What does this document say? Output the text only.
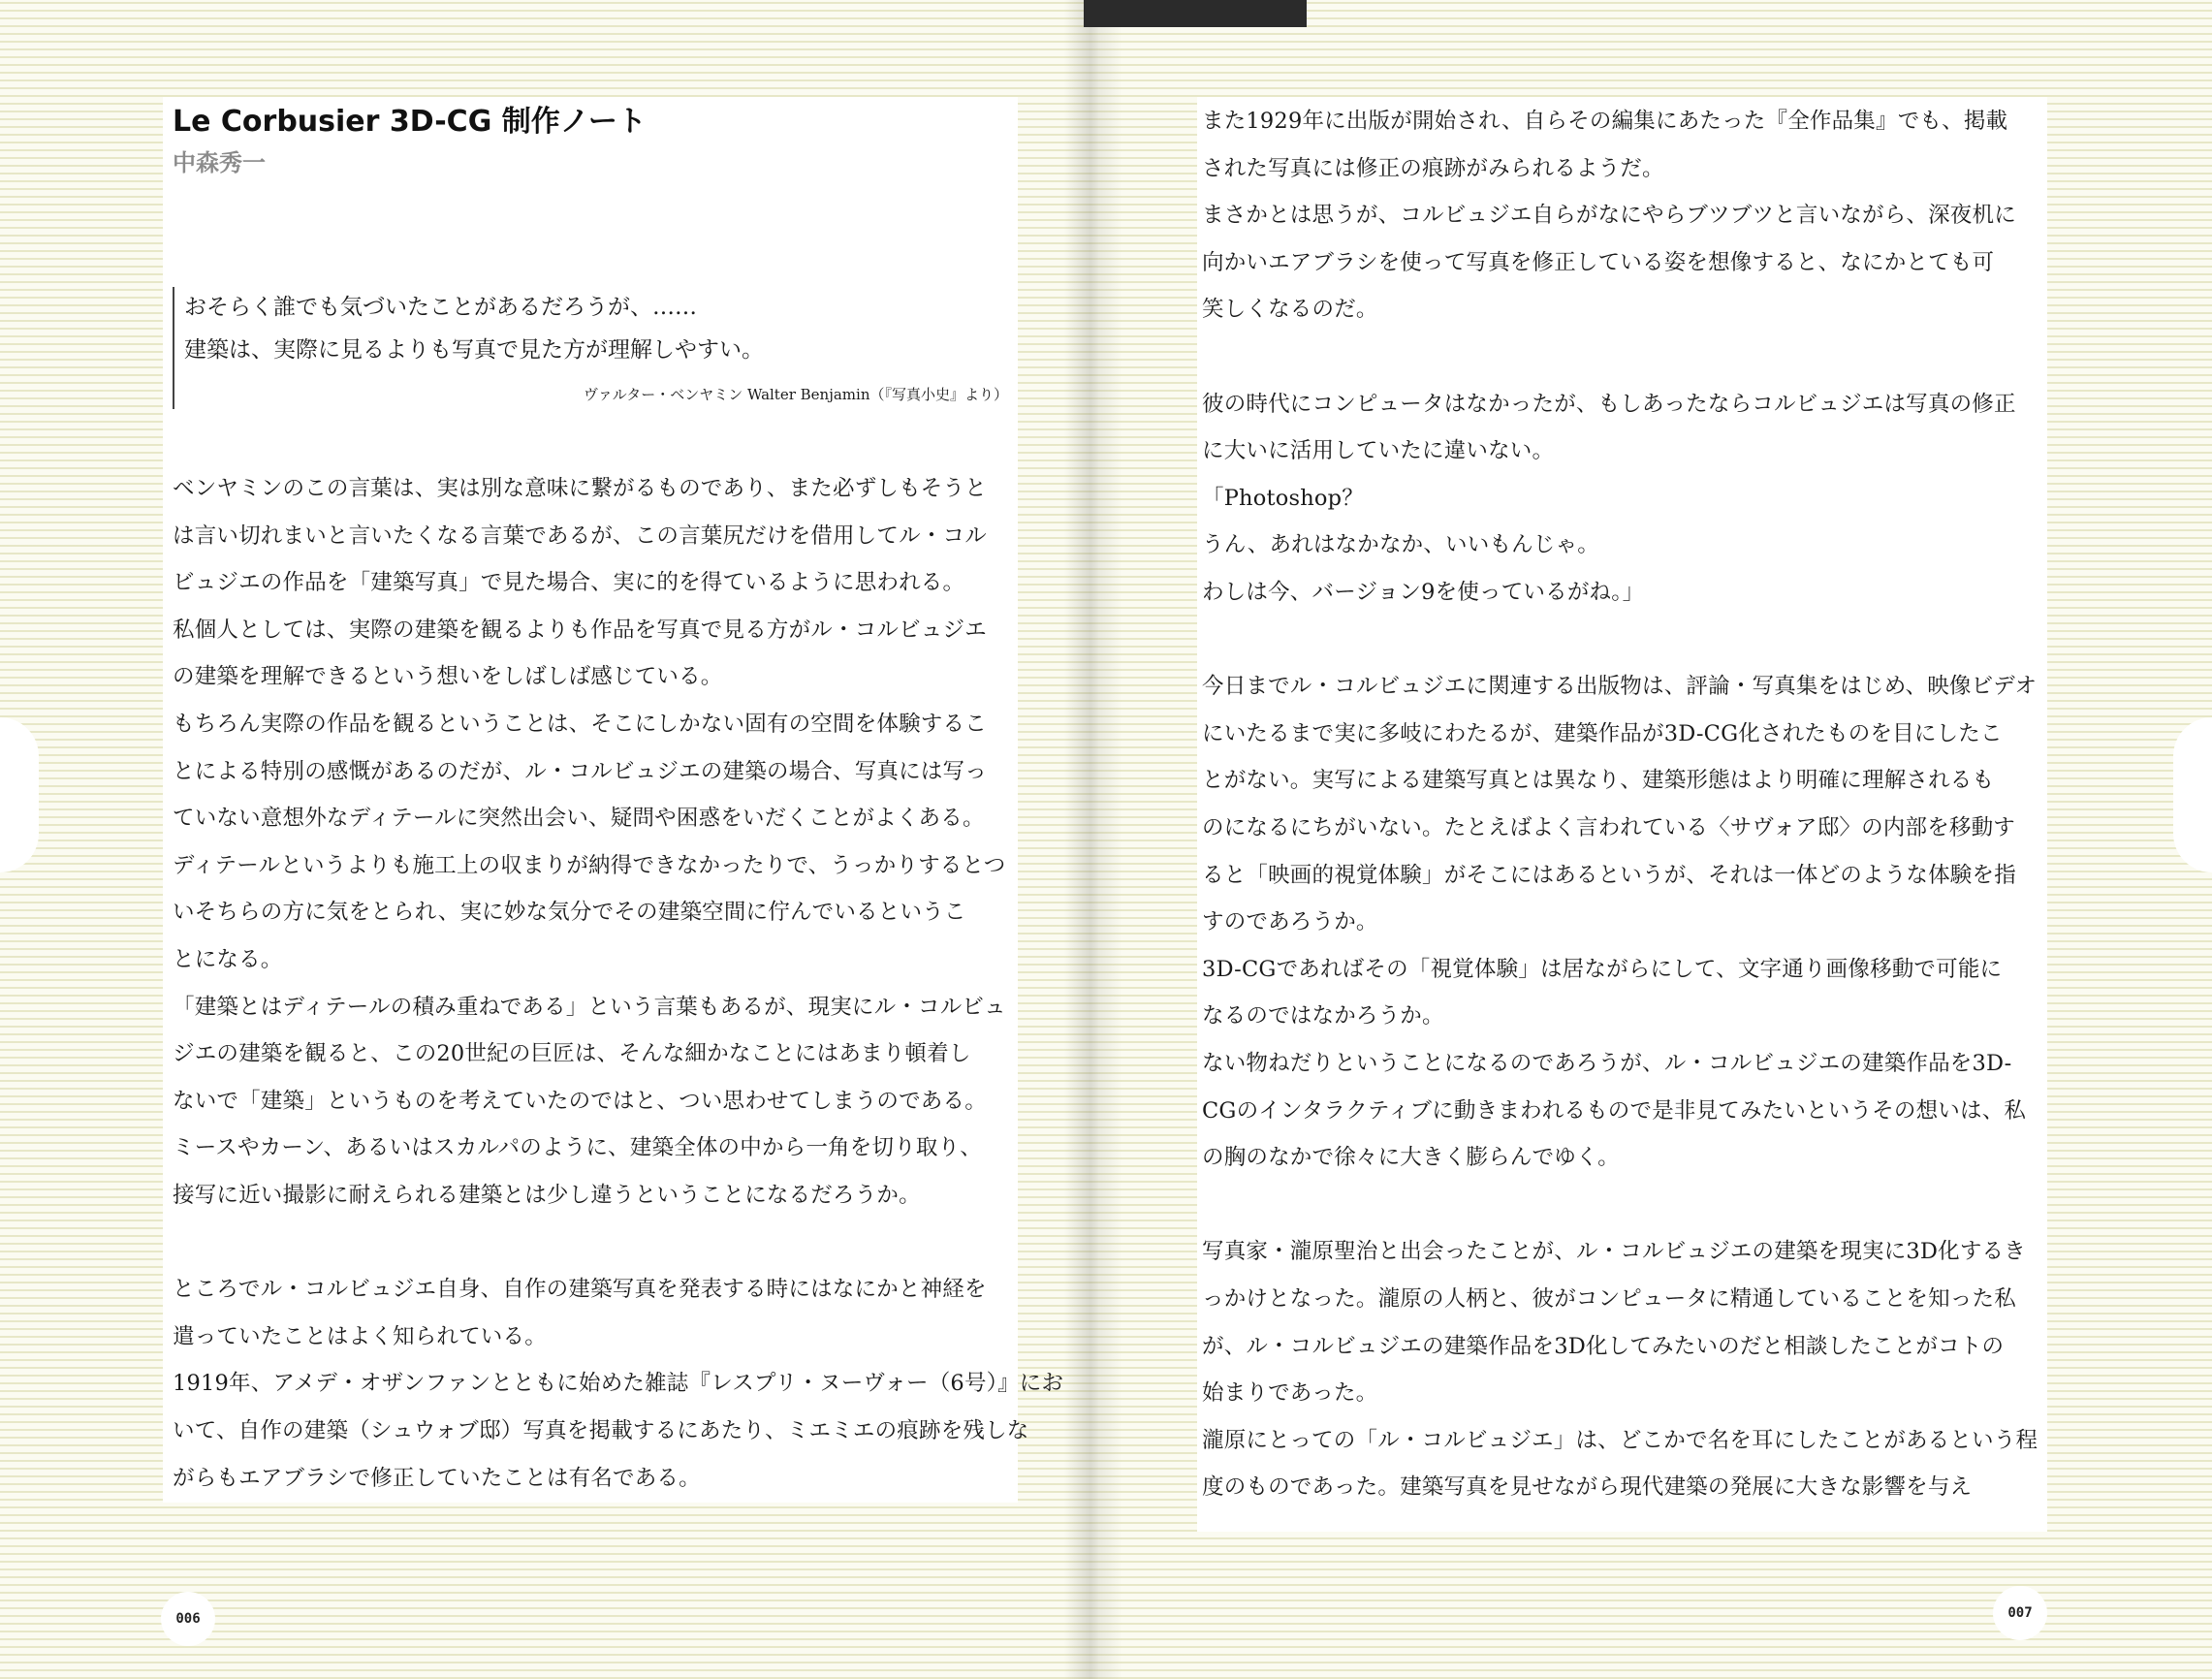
Le Corbusier 3D-CG 制作ノート
中森秀一
おそらく誰でも気づいたことがあるだろうが、……
建築は、実際に見るよりも写真で見た方が理解しやすい。
ヴァルター・ベンヤミン Walter Benjamin（『写真小史』より）
ベンヤミンのこの言葉は、実は別な意味に繋がるものであり、また必ずしもそうと
は言い切れまいと言いたくなる言葉であるが、この言葉尻だけを借用してル・コル
ビュジエの作品を「建築写真」で見た場合、実に的を得ているように思われる。
私個人としては、実際の建築を観るよりも作品を写真で見る方がル・コルビュジエ
の建築を理解できるという想いをしばしば感じている。
もちろん実際の作品を観るということは、そこにしかない固有の空間を体験するこ
とによる特別の感慨があるのだが、ル・コルビュジエの建築の場合、写真には写っ
ていない意想外なディテールに突然出会い、疑問や困惑をいだくことがよくある。
ディテールというよりも施工上の収まりが納得できなかったりで、うっかりするとつ
いそちらの方に気をとられ、実に妙な気分でその建築空間に佇んでいるというこ
とになる。
「建築とはディテールの積み重ねである」という言葉もあるが、現実にル・コルビュ
ジエの建築を観ると、この20世紀の巨匠は、そんな細かなことにはあまり頓着し
ないで「建築」というものを考えていたのではと、つい思わせてしまうのである。
ミースやカーン、あるいはスカルパのように、建築全体の中から一角を切り取り、
接写に近い撮影に耐えられる建築とは少し違うということになるだろうか。
ところでル・コルビュジエ自身、自作の建築写真を発表する時にはなにかと神経を
遣っていたことはよく知られている。
1919年、アメデ・オザンファンとともに始めた雑誌『レスプリ・ヌーヴォー（6号）』にお
いて、自作の建築（シュウォブ邸）写真を掲載するにあたり、ミエミエの痕跡を残しな
がらもエアブラシで修正していたことは有名である。
また1929年に出版が開始され、自らその編集にあたった『全作品集』でも、掲載
された写真には修正の痕跡がみられるようだ。
まさかとは思うが、コルビュジエ自らがなにやらブツブツと言いながら、深夜机に
向かいエアブラシを使って写真を修正している姿を想像すると、なにかとても可
笑しくなるのだ。
彼の時代にコンピュータはなかったが、もしあったならコルビュジエは写真の修正
に大いに活用していたに違いない。
「Photoshop？
うん、あれはなかなか、いいもんじゃ。
わしは今、バージョン9を使っているがね。」
今日までル・コルビュジエに関連する出版物は、評論・写真集をはじめ、映像ビデオ
にいたるまで実に多岐にわたるが、建築作品が3D-CG化されたものを目にしたこ
とがない。実写による建築写真とは異なり、建築形態はより明確に理解されるも
のになるにちがいない。たとえばよく言われている〈サヴォア邸〉の内部を移動す
ると「映画的視覚体験」がそこにはあるというが、それは一体どのような体験を指
すのであろうか。
3D-CGであればその「視覚体験」は居ながらにして、文字通り画像移動で可能に
なるのではなかろうか。
ない物ねだりということになるのであろうが、ル・コルビュジエの建築作品を3D-
CGのインタラクティブに動きまわれるもので是非見てみたいというその想いは、私
の胸のなかで徐々に大きく膨らんでゆく。
写真家・瀧原聖治と出会ったことが、ル・コルビュジエの建築を現実に3D化するき
っかけとなった。瀧原の人柄と、彼がコンピュータに精通していることを知った私
が、ル・コルビュジエの建築作品を3D化してみたいのだと相談したことがコトの
始まりであった。
瀧原にとっての「ル・コルビュジエ」は、どこかで名を耳にしたことがあるという程
度のものであった。建築写真を見せながら現代建築の発展に大きな影響を与え
006	007
